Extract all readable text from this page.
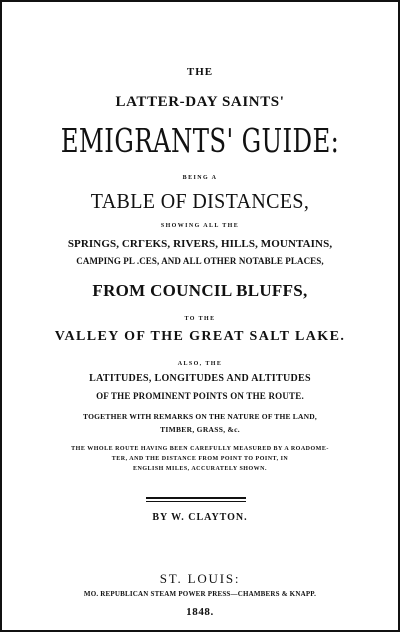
THE
LATTER-DAY SAINTS'
EMIGRANTS' GUIDE:
BEING A
TABLE OF DISTANCES,
SHOWING ALL THE
SPRINGS, CRΓEKS, RIVERS, HILLS, MOUNTAINS,
CAMPING PL .CES, AND ALL OTHER NOTABLE PLACES,
FROM COUNCIL BLUFFS,
TO THE
VALLEY OF THE GREAT SALT LAKE.
ALSO, THE
LATITUDES, LONGITUDES AND ALTITUDES
OF THE PROMINENT POINTS ON THE ROUTE.
TOGETHER WITH REMARKS ON THE NATURE OF THE LAND,
TIMBER, GRASS, &c.
THE WHOLE ROUTE HAVING BEEN CAREFULLY MEASURED BY A ROADOME-
TER, AND THE DISTANCE FROM POINT TO POINT, IN
ENGLISH MILES, ACCURATELY SHOWN.
BY W. CLAYTON.
ST. LOUIS:
MO. REPUBLICAN STEAM POWER PRESS—CHAMBERS & KNAPP.
1848.
